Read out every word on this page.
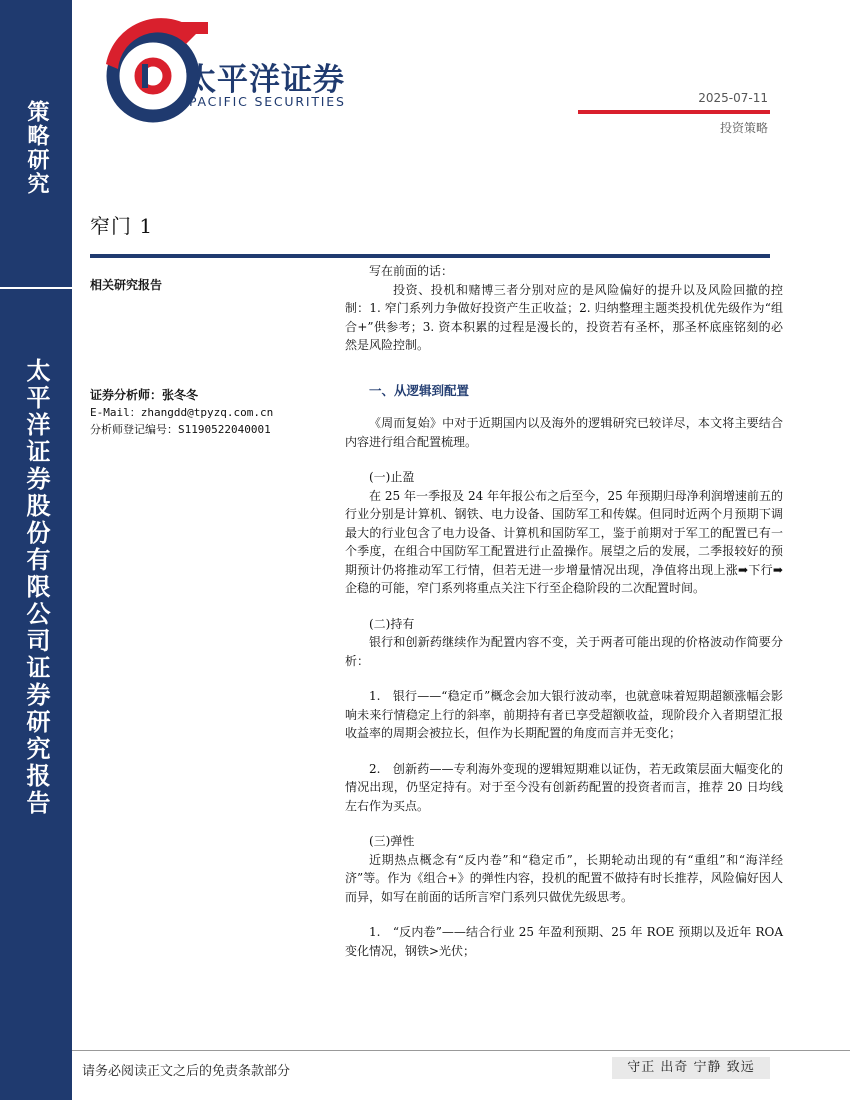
策略研究
太平洋证券股份有限公司证券研究报告
太平洋证券
PACIFIC SECURITIES	2025-07-11
投资策略
窄门 1
相关研究报告
证券分析师：张冬冬
E-Mail：zhangdd@tpyzq.com.cn
分析师登记编号：S1190522040001

写在前面的话：

投资、投机和赌博三者分别对应的是风险偏好的提升以及风险回撤的控制：1. 窄门系列力争做好投资产生正收益；2. 归纳整理主题类投机优先级作为“组合+”供参考；3. 资本积累的过程是漫长的，投资若有圣杯，那圣杯底座铭刻的必然是风险控制。

一、从逻辑到配置

《周而复始》中对于近期国内以及海外的逻辑研究已较详尽，本文将主要结合内容进行组合配置梳理。

(一)止盈

在 25 年一季报及 24 年年报公布之后至今，25 年预期归母净利润增速前五的行业分别是计算机、钢铁、电力设备、国防军工和传媒。但同时近两个月预期下调最大的行业包含了电力设备、计算机和国防军工，鉴于前期对于军工的配置已有一个季度，在组合中国防军工配置进行止盈操作。展望之后的发展，二季报较好的预期预计仍将推动军工行情，但若无进一步增量情况出现，净值将出现上涨➡下行➡企稳的可能，窄门系列将重点关注下行至企稳阶段的二次配置时间。

(二)持有

银行和创新药继续作为配置内容不变，关于两者可能出现的价格波动作简要分析：

1.　银行——“稳定币”概念会加大银行波动率，也就意味着短期超额涨幅会影响未来行情稳定上行的斜率，前期持有者已享受超额收益，现阶段介入者期望汇报收益率的周期会被拉长，但作为长期配置的角度而言并无变化；

2.　创新药——专利海外变现的逻辑短期难以证伪，若无政策层面大幅变化的情况出现，仍坚定持有。对于至今没有创新药配置的投资者而言，推荐 20 日均线左右作为买点。

(三)弹性

近期热点概念有“反内卷”和“稳定币”，长期轮动出现的有“重组”和“海洋经济”等。作为《组合+》的弹性内容，投机的配置不做持有时长推荐，风险偏好因人而异，如写在前面的话所言窄门系列只做优先级思考。

1.　“反内卷”——结合行业 25 年盈利预期、25 年 ROE 预期以及近年 ROA 变化情况，钢铁>光伏；

请务必阅读正文之后的免责条款部分	守正 出奇 宁静 致远
